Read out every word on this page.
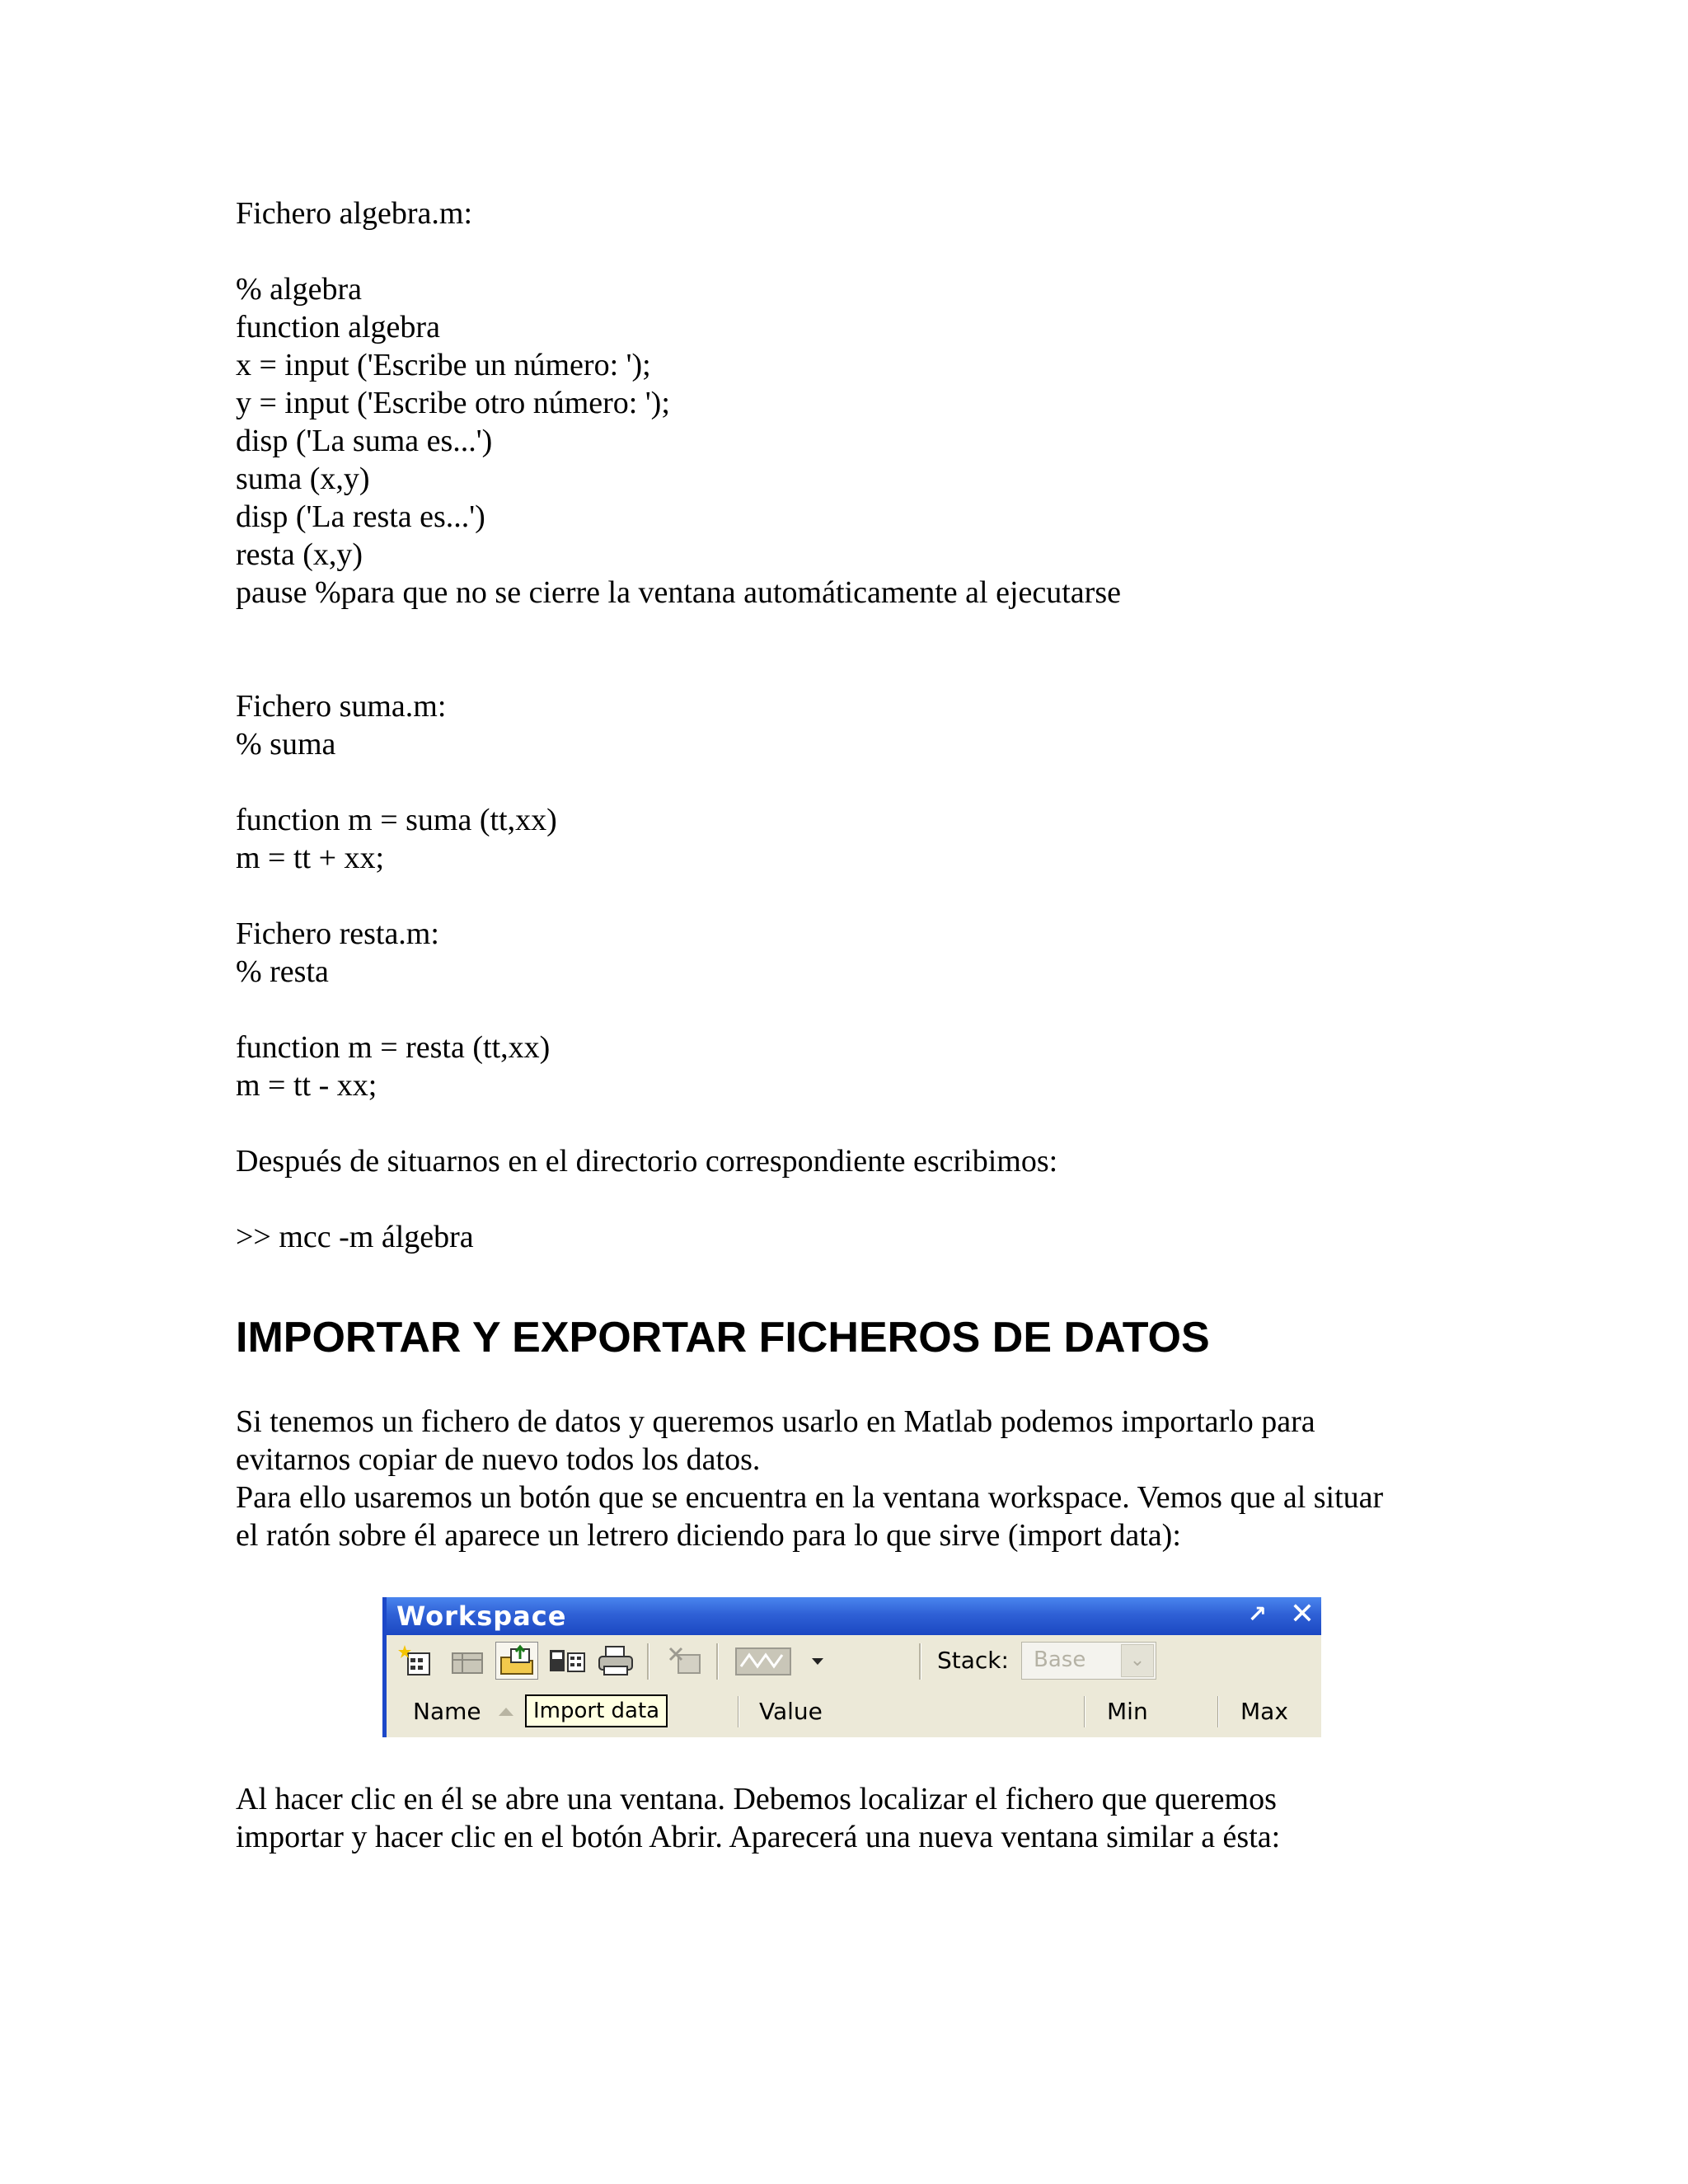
Fichero algebra.m:
% algebra
function algebra
x = input ('Escribe un número: ');
y = input ('Escribe otro número: ');
disp ('La suma es...')
suma (x,y)
disp ('La resta es...')
resta (x,y)
pause %para que no se cierre la ventana automáticamente al ejecutarse
Fichero suma.m:
% suma
function m = suma (tt,xx)
m = tt + xx;
Fichero resta.m:
% resta
function m = resta (tt,xx)
m = tt - xx;
Después de situarnos en el directorio correspondiente escribimos:
>> mcc -m álgebra
IMPORTAR Y EXPORTAR FICHEROS DE DATOS
Si tenemos un fichero de datos y queremos usarlo en Matlab podemos importarlo para
evitarnos copiar de nuevo todos los datos.
Para ello usaremos un botón que se encuentra en la ventana workspace. Vemos que al situar
el ratón sobre él aparece un letrero diciendo para lo que sirve (import data):
Workspace	↗ ✕
Stack: Base	⌄
Name	Import data	Value	Min	Max
Al hacer clic en él se abre una ventana. Debemos localizar el fichero que queremos
importar y hacer clic en el botón Abrir. Aparecerá una nueva ventana similar a ésta:
